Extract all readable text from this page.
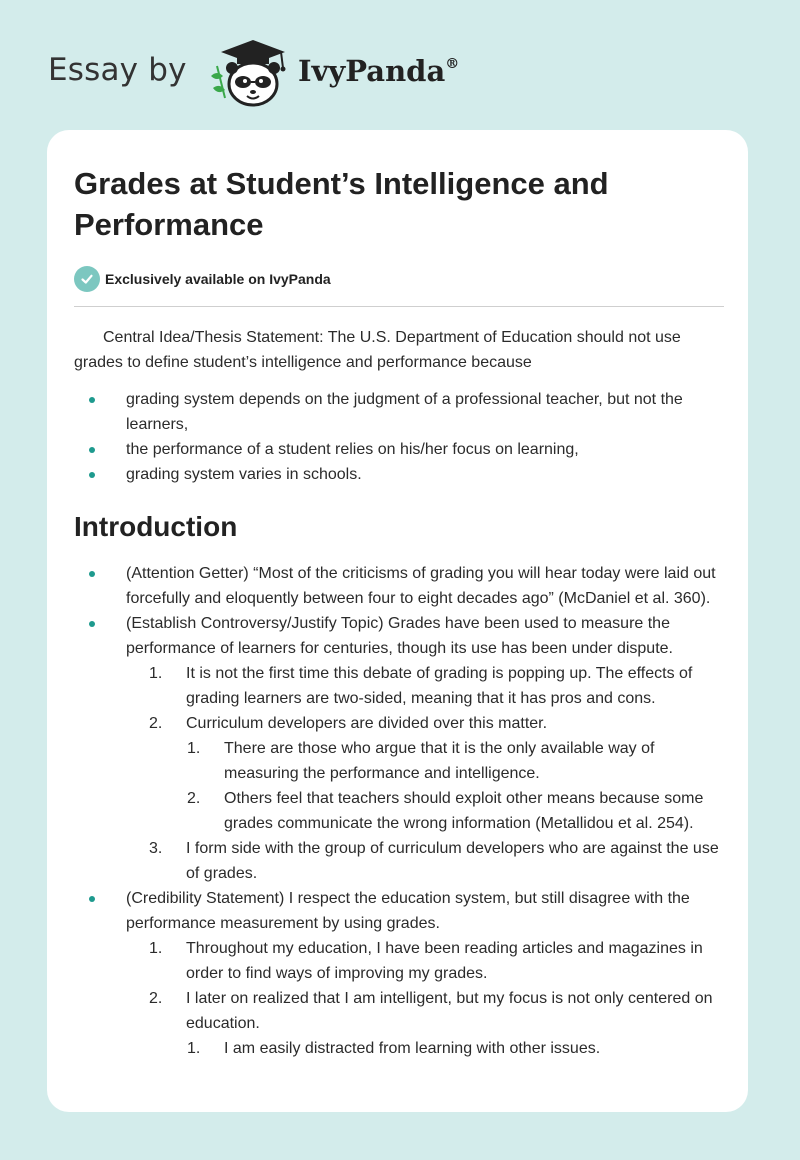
Essay by	IvyPanda®
Grades at Student’s Intelligence and Performance
Exclusively available on IvyPanda

Central Idea/Thesis Statement: The U.S. Department of Education should not use grades to define student’s intelligence and performance because

grading system depends on the judgment of a professional teacher, but not the learners,
the performance of a student relies on his/her focus on learning,
grading system varies in schools.
Introduction
(Attention Getter) “Most of the criticisms of grading you will hear today were laid out forcefully and eloquently between four to eight decades ago” (McDaniel et al. 360).
(Establish Controversy/Justify Topic) Grades have been used to measure the performance of learners for centuries, though its use has been under dispute.
1. It is not the first time this debate of grading is popping up. The effects of grading learners are two-sided, meaning that it has pros and cons.
2. Curriculum developers are divided over this matter.
1. There are those who argue that it is the only available way of measuring the performance and intelligence.
2. Others feel that teachers should exploit other means because some grades communicate the wrong information (Metallidou et al. 254).
3. I form side with the group of curriculum developers who are against the use of grades.
(Credibility Statement) I respect the education system, but still disagree with the performance measurement by using grades.
1. Throughout my education, I have been reading articles and magazines in order to find ways of improving my grades.
2. I later on realized that I am intelligent, but my focus is not only centered on education.
1. I am easily distracted from learning with other issues.
